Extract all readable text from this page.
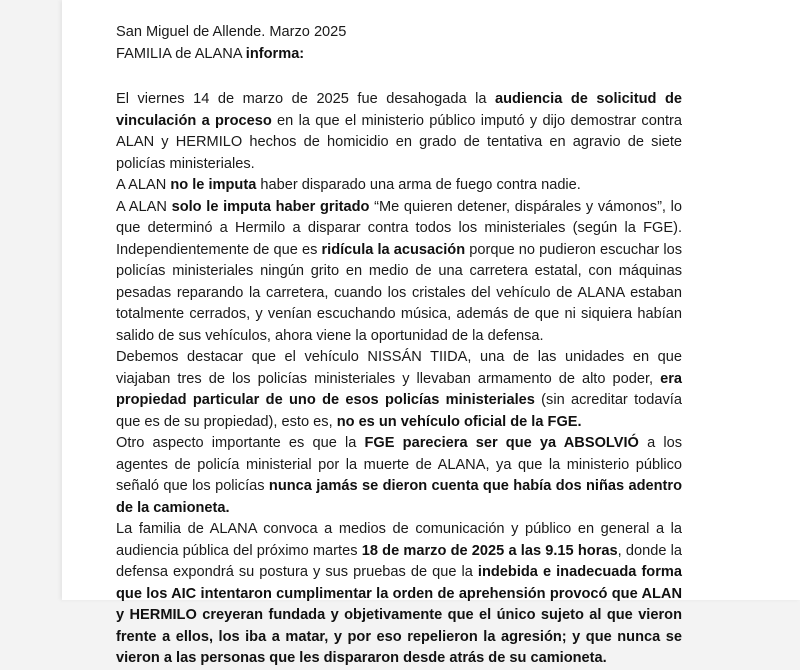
San Miguel de Allende. Marzo 2025

FAMILIA de ALANA informa:

El viernes 14 de marzo de 2025 fue desahogada la audiencia de solicitud de vinculación a proceso en la que el ministerio público imputó y dijo demostrar contra ALAN y HERMILO hechos de homicidio en grado de tentativa en agravio de siete policías ministeriales.

A ALAN no le imputa haber disparado una arma de fuego contra nadie.

A ALAN solo le imputa haber gritado “Me quieren detener, dispárales y vámonos”, lo que determinó a Hermilo a disparar contra todos los ministeriales (según la FGE). Independientemente de que es ridícula la acusación porque no pudieron escuchar los policías ministeriales ningún grito en medio de una carretera estatal, con máquinas pesadas reparando la carretera, cuando los cristales del vehículo de ALANA estaban totalmente cerrados, y venían escuchando música, además de que ni siquiera habían salido de sus vehículos, ahora viene la oportunidad de la defensa.

Debemos destacar que el vehículo NISSÁN TIIDA, una de las unidades en que viajaban tres de los policías ministeriales y llevaban armamento de alto poder, era propiedad particular de uno de esos policías ministeriales (sin acreditar todavía que es de su propiedad), esto es, no es un vehículo oficial de la FGE.

Otro aspecto importante es que la FGE pareciera ser que ya ABSOLVIÓ a los agentes de policía ministerial por la muerte de ALANA, ya que la ministerio público señaló que los policías nunca jamás se dieron cuenta que había dos niñas adentro de la camioneta.

La familia de ALANA convoca a medios de comunicación y público en general a la audiencia pública del próximo martes 18 de marzo de 2025 a las 9.15 horas, donde la defensa expondrá su postura y sus pruebas de que la indebida e inadecuada forma que los AIC intentaron cumplimentar la orden de aprehensión provocó que ALAN y HERMILO creyeran fundada y objetivamente que el único sujeto al que vieron frente a ellos, los iba a matar, y por eso repelieron la agresión; y que nunca se vieron a las personas que les dispararon desde atrás de su camioneta.
